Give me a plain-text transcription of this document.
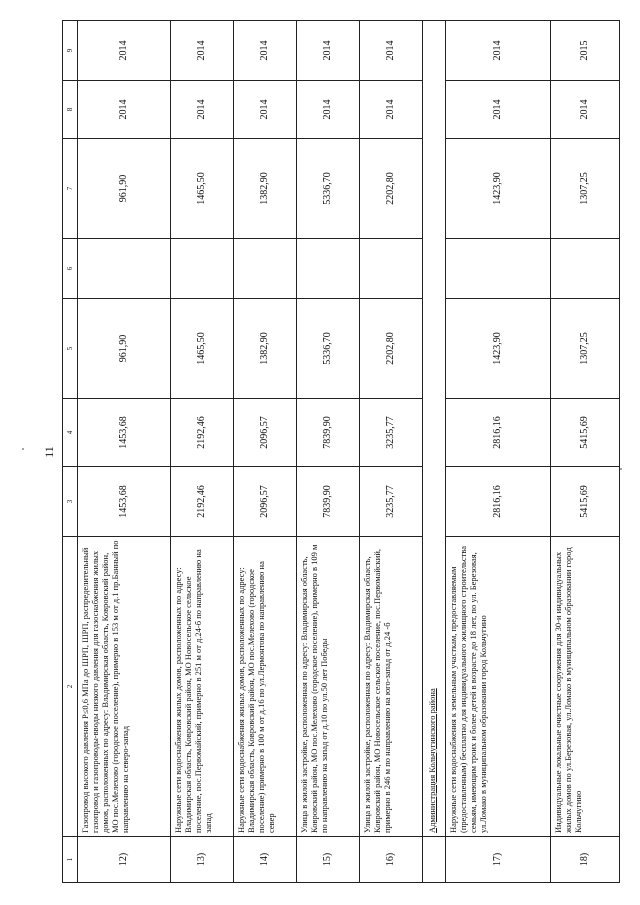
11
1	2	3	4	5	6	7	8	9
12)	Газопровод высокого давления Р≤0,6 МПа до ШРП, ШРП, распределительный газопровод и газопроводы-вводы низкого давления для газоснабжения жилых домов, расположенных по адресу: Владимирская область, Ковровский район, МО пос.Мелехово (городское поселение), примерно в 153 м от д.1 пр.Банный по направлению на северо-запад	1453,68	1453,68	961,90		961,90	2014	2014
13)	Наружные сети водоснабжения жилых домов, расположенных по адресу: Владимирская область, Ковровский район, МО Новосельское сельское поселение, пос.Первомайский, примерно в 251 м от д.24-б по направлению на запад	2192,46	2192,46	1465,50		1465,50	2014	2014
14)	Наружные сети водоснабжения жилых домов, расположенных по адресу: Владимирская область, Ковровский район, МО пос.Мелехово (городское поселение) примерно в 100 м от д.16 по ул.Лермонтова по направлению на север	2096,57	2096,57	1382,90		1382,90	2014	2014
15)	Улица в жилой застройке, расположенная по адресу: Владимирская область, Ковровский район, МО пос.Мелехово (городское поселение), примерно в 109 м по направлению на запад от д.10 по ул.50 лет Победы	7839,90	7839,90	5336,70		5336,70	2014	2014
16)	Улица в жилой застройке, расположенная по адресу: Владимирская область, Ковровский район, МО Новосельское сельское поселение, пос.Первомайский, примерно в 246 м по направлению на юго-запад от д.24 -б	3235,77	3235,77	2202,80		2202,80	2014	2014
	Администрация Кольчугинского района							
17)	Наружные сети водоснабжения к земельным участкам, предоставляемым (предоставленным) бесплатно для индивидуального жилищного строительства семьям, имеющим троих и более детей в возрасте до 18 лет, по ул. Березовая, ул.Ломако в муниципальном образовании город Кольчугино	2816,16	2816,16	1423,90		1423,90	2014	2014
18)	Индивидуальные локальные очистные сооружения для 30-и индивидуальных жилых домов по ул.Березовая, ул.Ломако в муниципальном образовании город Кольчугино	5415,69	5415,69	1307,25		1307,25	2014	2015
